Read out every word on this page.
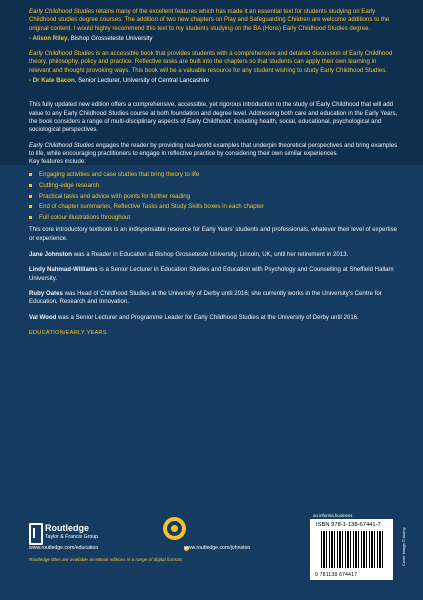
Early Childhood Studies retains many of the excellent features which has made it an essential text for students studying on Early Childhood studies degree courses. The addition of two new chapters on Play and Safeguarding Children are welcome additions to the original content. I would highly recommend this text to my students studying on the BA (Hons) Early Childhood Studies degree.

- Alison Riley, Bishop Grosseteste University

Early Childhood Studies is an accessible book that provides students with a comprehensive and detailed discussion of Early Childhood theory, philosophy, policy and practice. Reflective tasks are built into the chapters so that students can apply their own learning in relevant and thought provoking ways. This book will be a valuable resource for any student wishing to study Early Childhood Studies.

- Dr Kate Bacon, Senior Lecturer, University of Central Lancashire

This fully updated new edition offers a comprehensive, accessible, yet rigorous introduction to the study of Early Childhood that will add value to any Early Childhood Studies course at both foundation and degree level. Addressing both care and education in the Early Years, the book considers a range of multi-disciplinary aspects of Early Childhood; including health, social, educational, psychological and sociological perspectives.

Early Childhood Studies engages the reader by providing real-world examples that underpin theoretical perspectives and bring examples to life, while encouraging practitioners to engage in reflective practice by considering their own similar experiences.

Key features include:

Engaging activities and case studies that bring theory to life
Cutting-edge research
Practical tasks and advice with points for further reading
End of chapter summaries, Reflective Tasks and Study Skills boxes in each chapter
Full colour illustrations throughout

This core introductory textbook is an indispensable resource for Early Years' students and professionals, whatever their level of expertise or experience.

Jane Johnston was a Reader in Education at Bishop Grosseteste University, Lincoln, UK, until her retirement in 2013.

Lindy Nahmad-Williams is a Senior Lecturer in Education Studies and Education with Psychology and Counselling at Sheffield Hallam University.

Ruby Oates was Head of Childhood Studies at the University of Derby until 2016; she currently works in the University's Centre for Education, Research and Innovation.

Val Wood was a Senior Lecturer and Programme Leader for Early Childhood Studies at the University of Derby until 2016.

EDUCATION/EARLY YEARS
Routledge
Taylor & Francis Group
www.routledge.com/education	www.routledge.com/johnston
Routledge titles are available as eBook editions in a range of digital formats
an informa business
ISBN 978-1-138-67441-7
9 781138 674417
Cover image © Alamy
